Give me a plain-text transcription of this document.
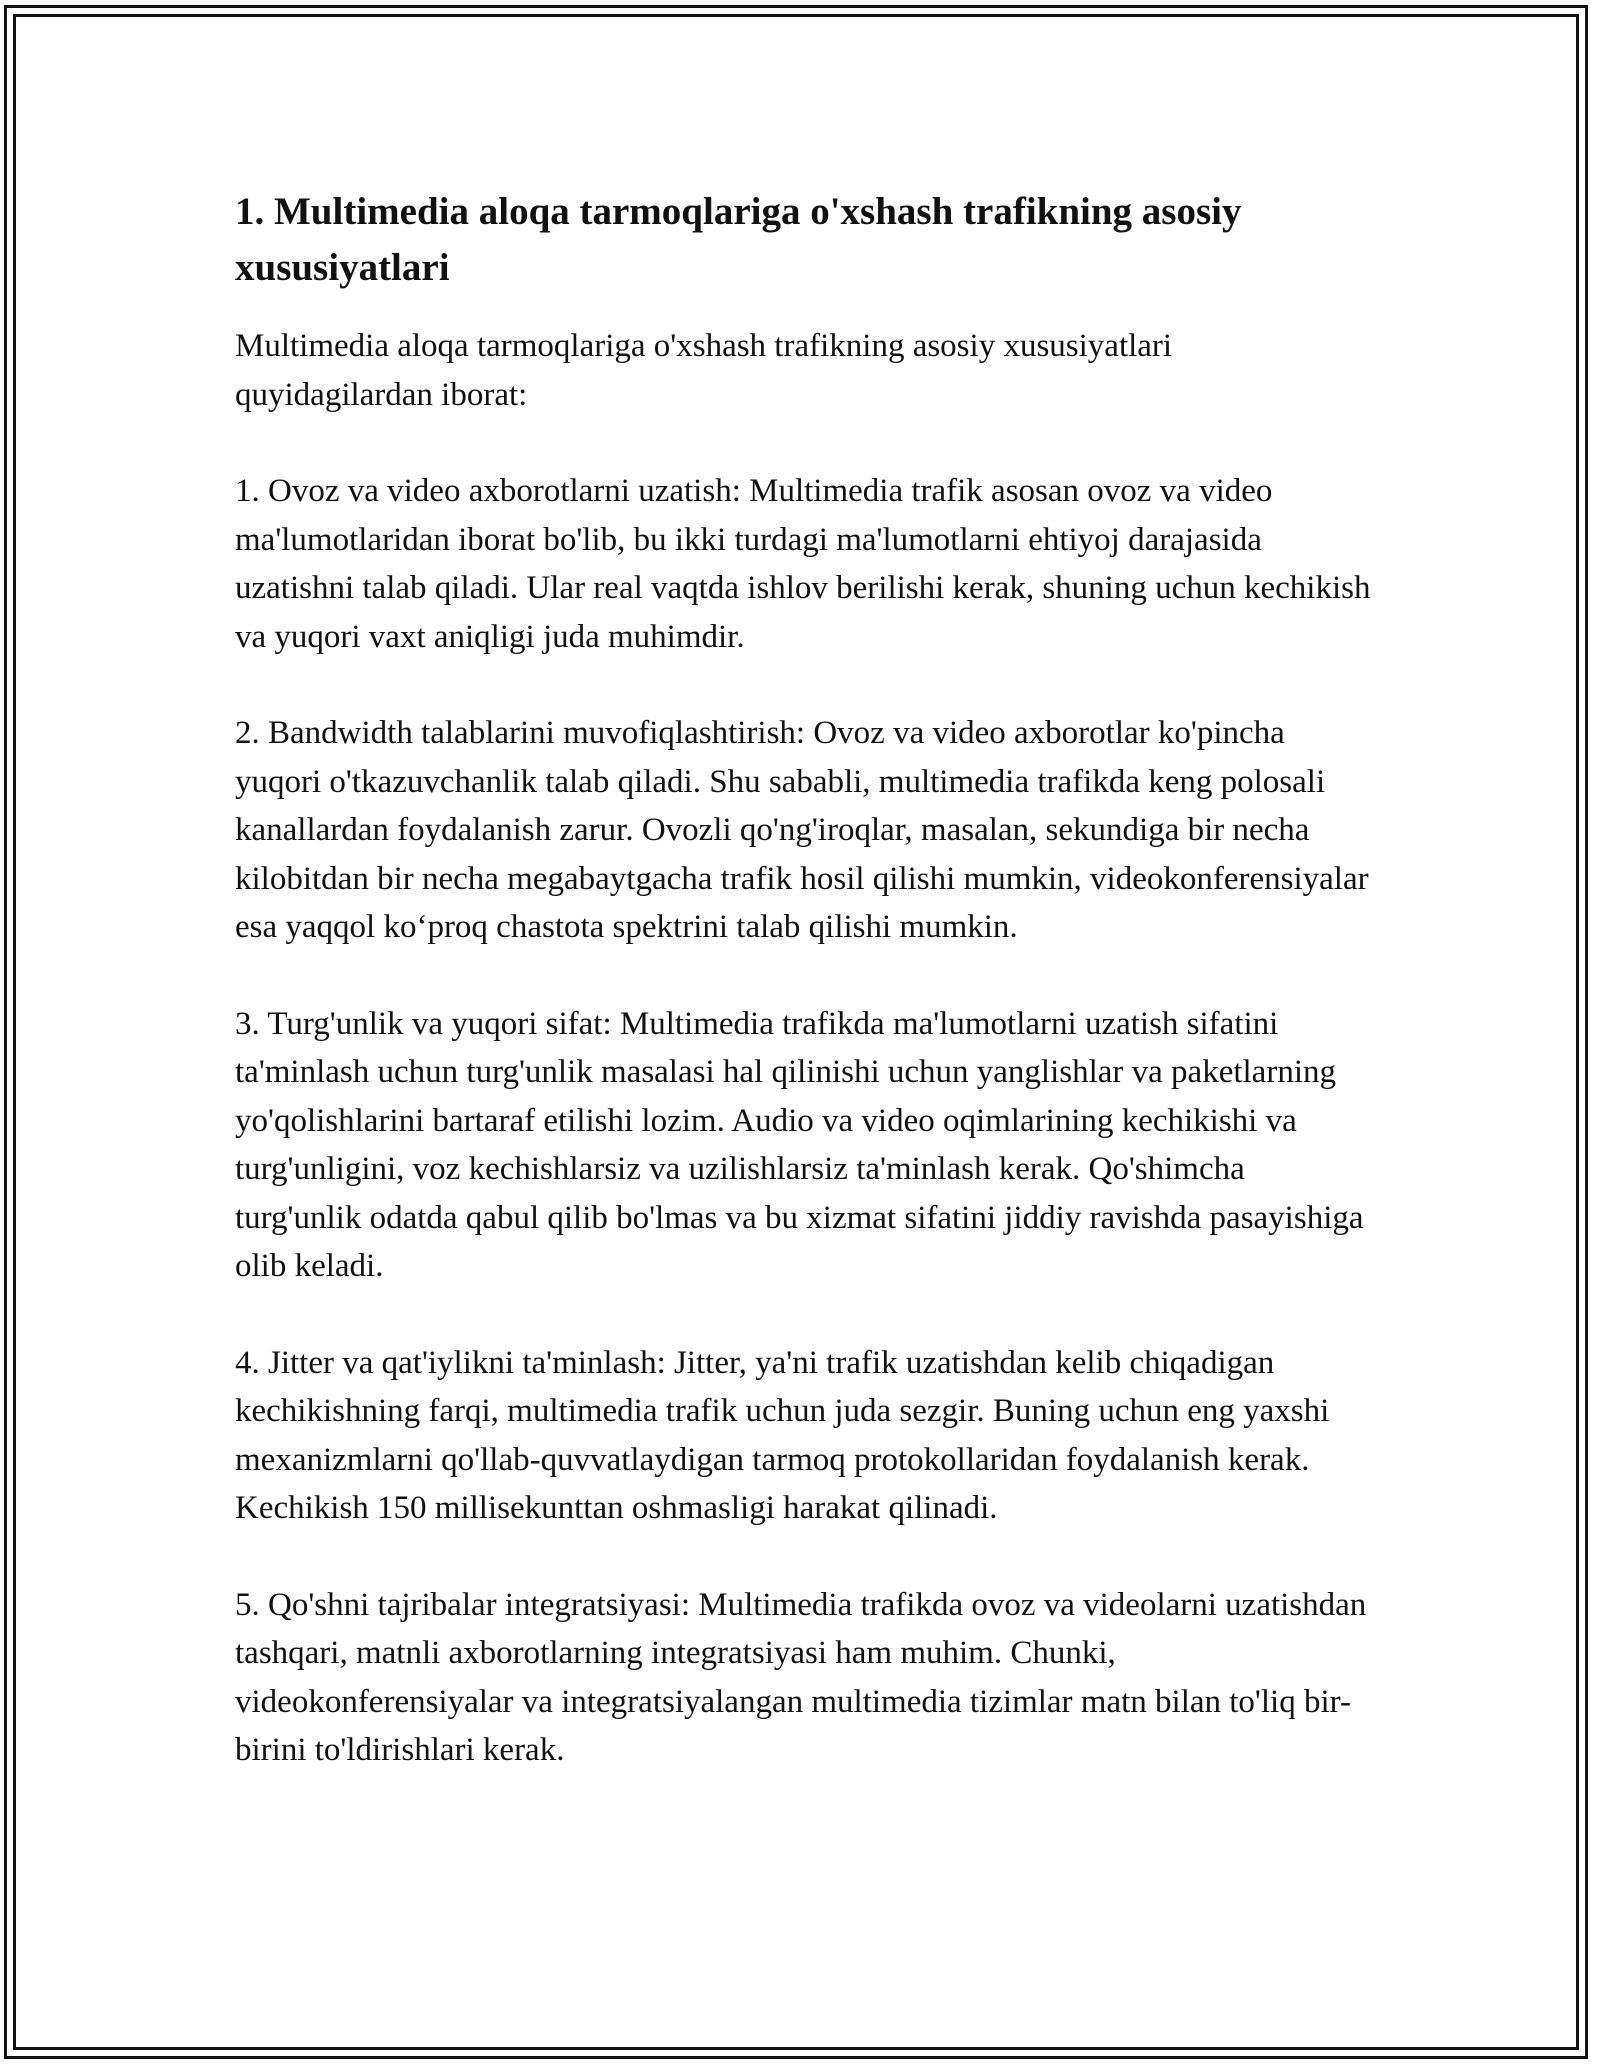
1. Multimedia aloqa tarmoqlariga o'xshash trafikning asosiy xususiyatlari

Multimedia aloqa tarmoqlariga o'xshash trafikning asosiy xususiyatlari quyidagilardan iborat:

1. Ovoz va video axborotlarni uzatish: Multimedia trafik asosan ovoz va video ma'lumotlaridan iborat bo'lib, bu ikki turdagi ma'lumotlarni ehtiyoj darajasida uzatishni talab qiladi. Ular real vaqtda ishlov berilishi kerak, shuning uchun kechikish va yuqori vaxt aniqligi juda muhimdir.

2. Bandwidth talablarini muvofiqlashtirish: Ovoz va video axborotlar ko'pincha yuqori o'tkazuvchanlik talab qiladi. Shu sababli, multimedia trafikda keng polosali kanallardan foydalanish zarur. Ovozli qo'ng'iroqlar, masalan, sekundiga bir necha kilobitdan bir necha megabaytgacha trafik hosil qilishi mumkin, videokonferensiyalar esa yaqqol ko‘proq chastota spektrini talab qilishi mumkin.

3. Turg'unlik va yuqori sifat: Multimedia trafikda ma'lumotlarni uzatish sifatini ta'minlash uchun turg'unlik masalasi hal qilinishi uchun yanglishlar va paketlarning yo'qolishlarini bartaraf etilishi lozim. Audio va video oqimlarining kechikishi va turg'unligini, voz kechishlarsiz va uzilishlarsiz ta'minlash kerak. Qo'shimcha turg'unlik odatda qabul qilib bo'lmas va bu xizmat sifatini jiddiy ravishda pasayishiga olib keladi.

4. Jitter va qat'iylikni ta'minlash: Jitter, ya'ni trafik uzatishdan kelib chiqadigan kechikishning farqi, multimedia trafik uchun juda sezgir. Buning uchun eng yaxshi mexanizmlarni qo'llab-quvvatlaydigan tarmoq protokollaridan foydalanish kerak. Kechikish 150 millisekunttan oshmasligi harakat qilinadi.

5. Qo'shni tajribalar integratsiyasi: Multimedia trafikda ovoz va videolarni uzatishdan tashqari, matnli axborotlarning integratsiyasi ham muhim. Chunki, videokonferensiyalar va integratsiyalangan multimedia tizimlar matn bilan to'liq bir-birini to'ldirishlari kerak.
